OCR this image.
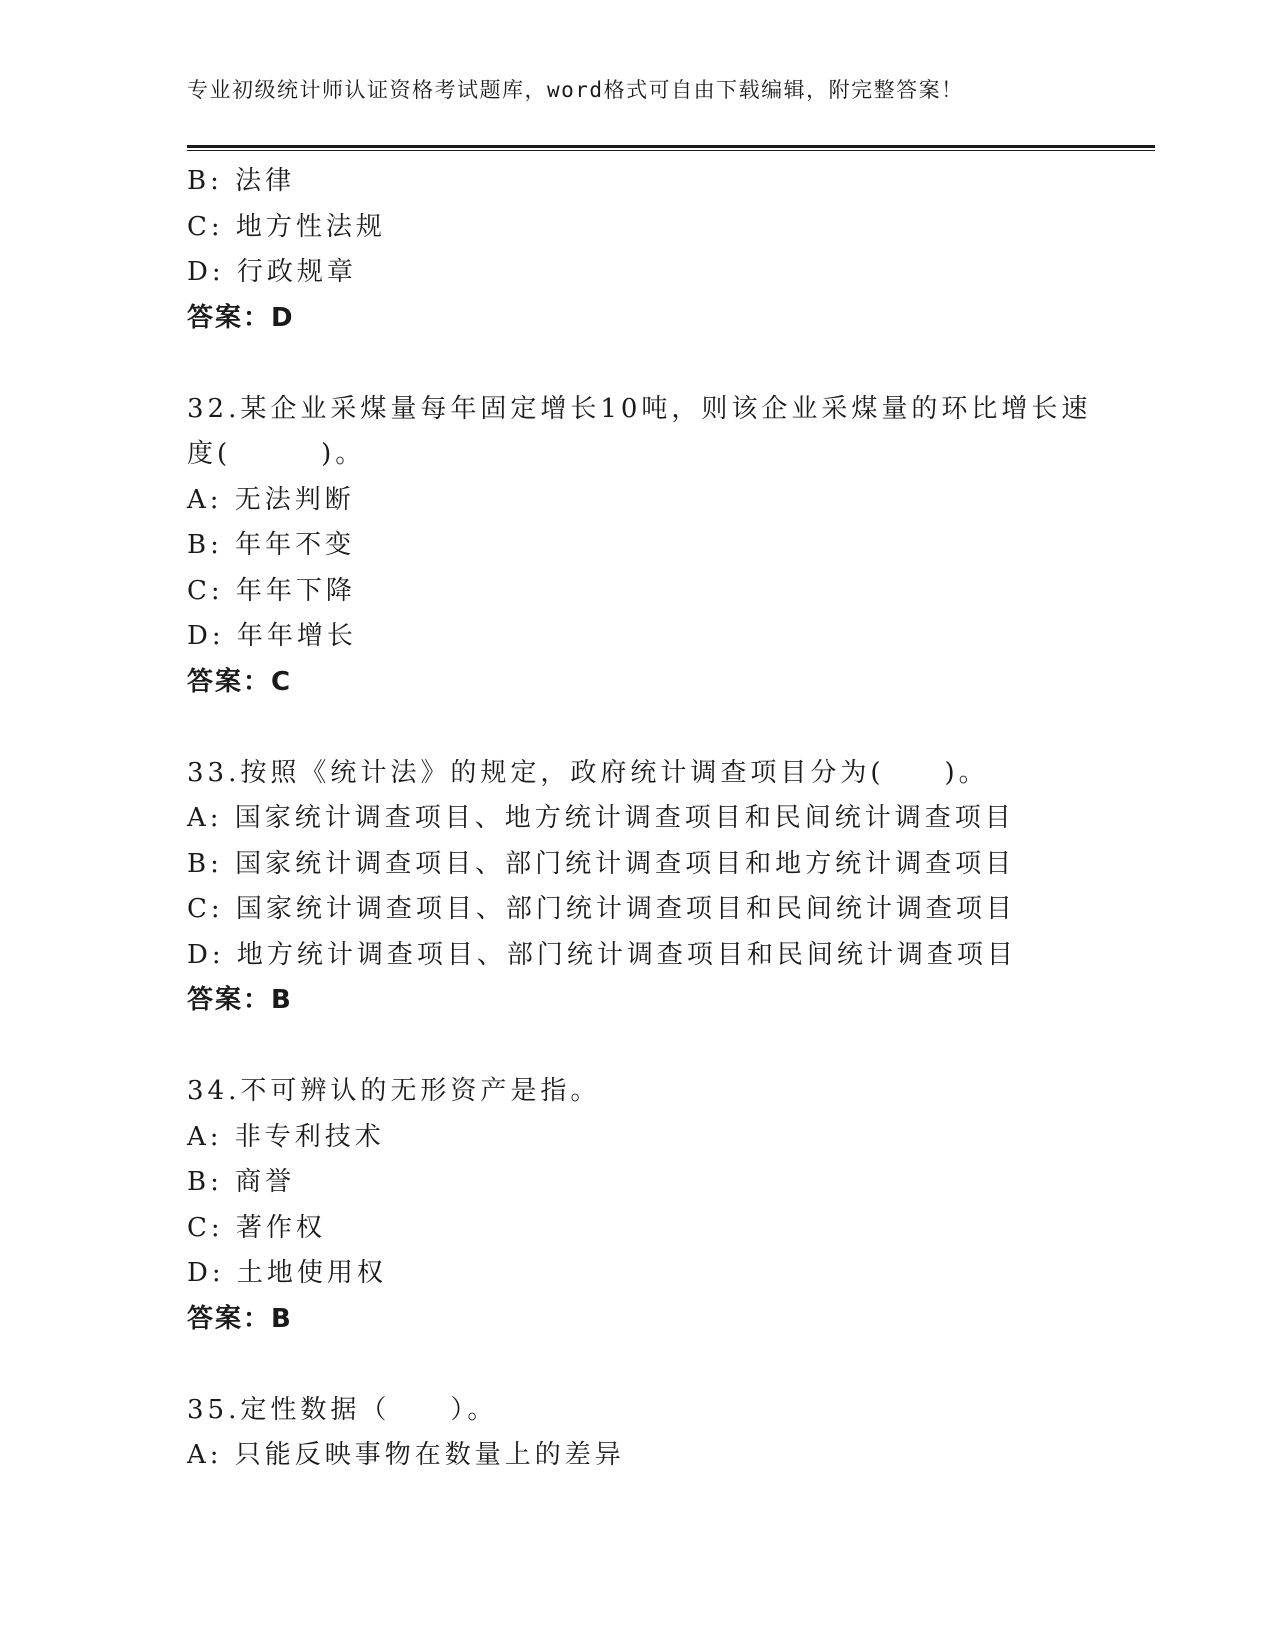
专业初级统计师认证资格考试题库，word格式可自由下载编辑，附完整答案！
B: 法律
C: 地方性法规
D: 行政规章
答案：D
32.某企业采煤量每年固定增长10吨，则该企业采煤量的环比增长速
度(　　　)。
A: 无法判断
B: 年年不变
C: 年年下降
D: 年年增长
答案：C
33.按照《统计法》的规定，政府统计调查项目分为(　　)。
A: 国家统计调查项目、地方统计调查项目和民间统计调查项目
B: 国家统计调查项目、部门统计调查项目和地方统计调查项目
C: 国家统计调查项目、部门统计调查项目和民间统计调查项目
D: 地方统计调查项目、部门统计调查项目和民间统计调查项目
答案：B
34.不可辨认的无形资产是指。
A: 非专利技术
B: 商誉
C: 著作权
D: 土地使用权
答案：B
35.定性数据（　　）。
A: 只能反映事物在数量上的差异
